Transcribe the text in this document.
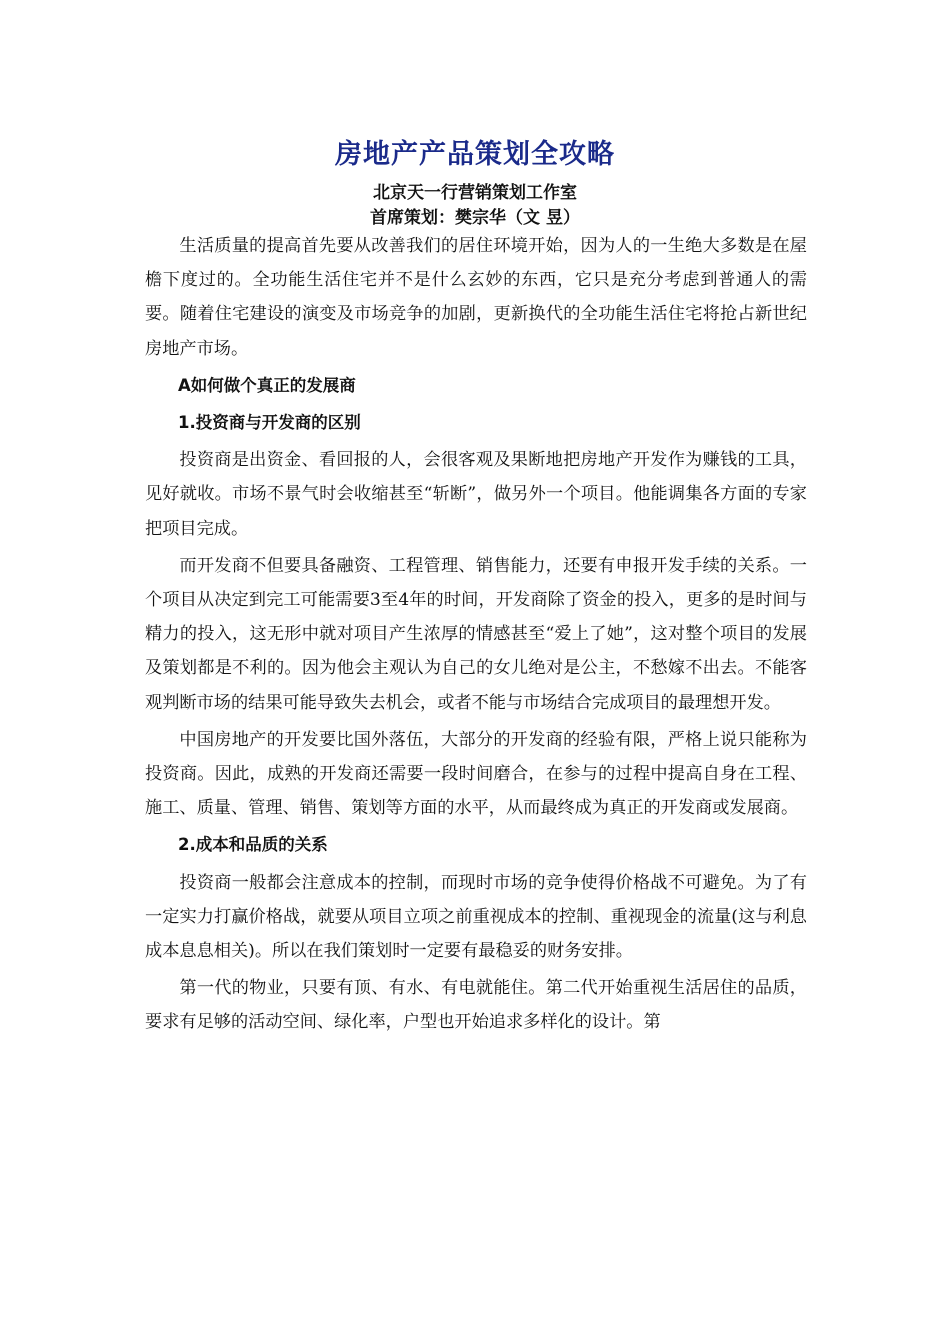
房地产产品策划全攻略
北京天一行营销策划工作室
首席策划：樊宗华（文 昱）

生活质量的提高首先要从改善我们的居住环境开始，因为人的一生绝大多数是在屋檐下度过的。全功能生活住宅并不是什么玄妙的东西，它只是充分考虑到普通人的需要。随着住宅建设的演变及市场竞争的加剧，更新换代的全功能生活住宅将抢占新世纪房地产市场。

A如何做个真正的发展商

1.投资商与开发商的区别

投资商是出资金、看回报的人，会很客观及果断地把房地产开发作为赚钱的工具，见好就收。市场不景气时会收缩甚至“斩断”，做另外一个项目。他能调集各方面的专家把项目完成。

而开发商不但要具备融资、工程管理、销售能力，还要有申报开发手续的关系。一个项目从决定到完工可能需要3至4年的时间，开发商除了资金的投入，更多的是时间与精力的投入，这无形中就对项目产生浓厚的情感甚至“爱上了她”，这对整个项目的发展及策划都是不利的。因为他会主观认为自己的女儿绝对是公主，不愁嫁不出去。不能客观判断市场的结果可能导致失去机会，或者不能与市场结合完成项目的最理想开发。

中国房地产的开发要比国外落伍，大部分的开发商的经验有限，严格上说只能称为投资商。因此，成熟的开发商还需要一段时间磨合，在参与的过程中提高自身在工程、施工、质量、管理、销售、策划等方面的水平，从而最终成为真正的开发商或发展商。

2.成本和品质的关系

投资商一般都会注意成本的控制，而现时市场的竞争使得价格战不可避免。为了有一定实力打赢价格战，就要从项目立项之前重视成本的控制、重视现金的流量(这与利息成本息息相关)。所以在我们策划时一定要有最稳妥的财务安排。

第一代的物业，只要有顶、有水、有电就能住。第二代开始重视生活居住的品质，要求有足够的活动空间、绿化率，户型也开始追求多样化的设计。第
